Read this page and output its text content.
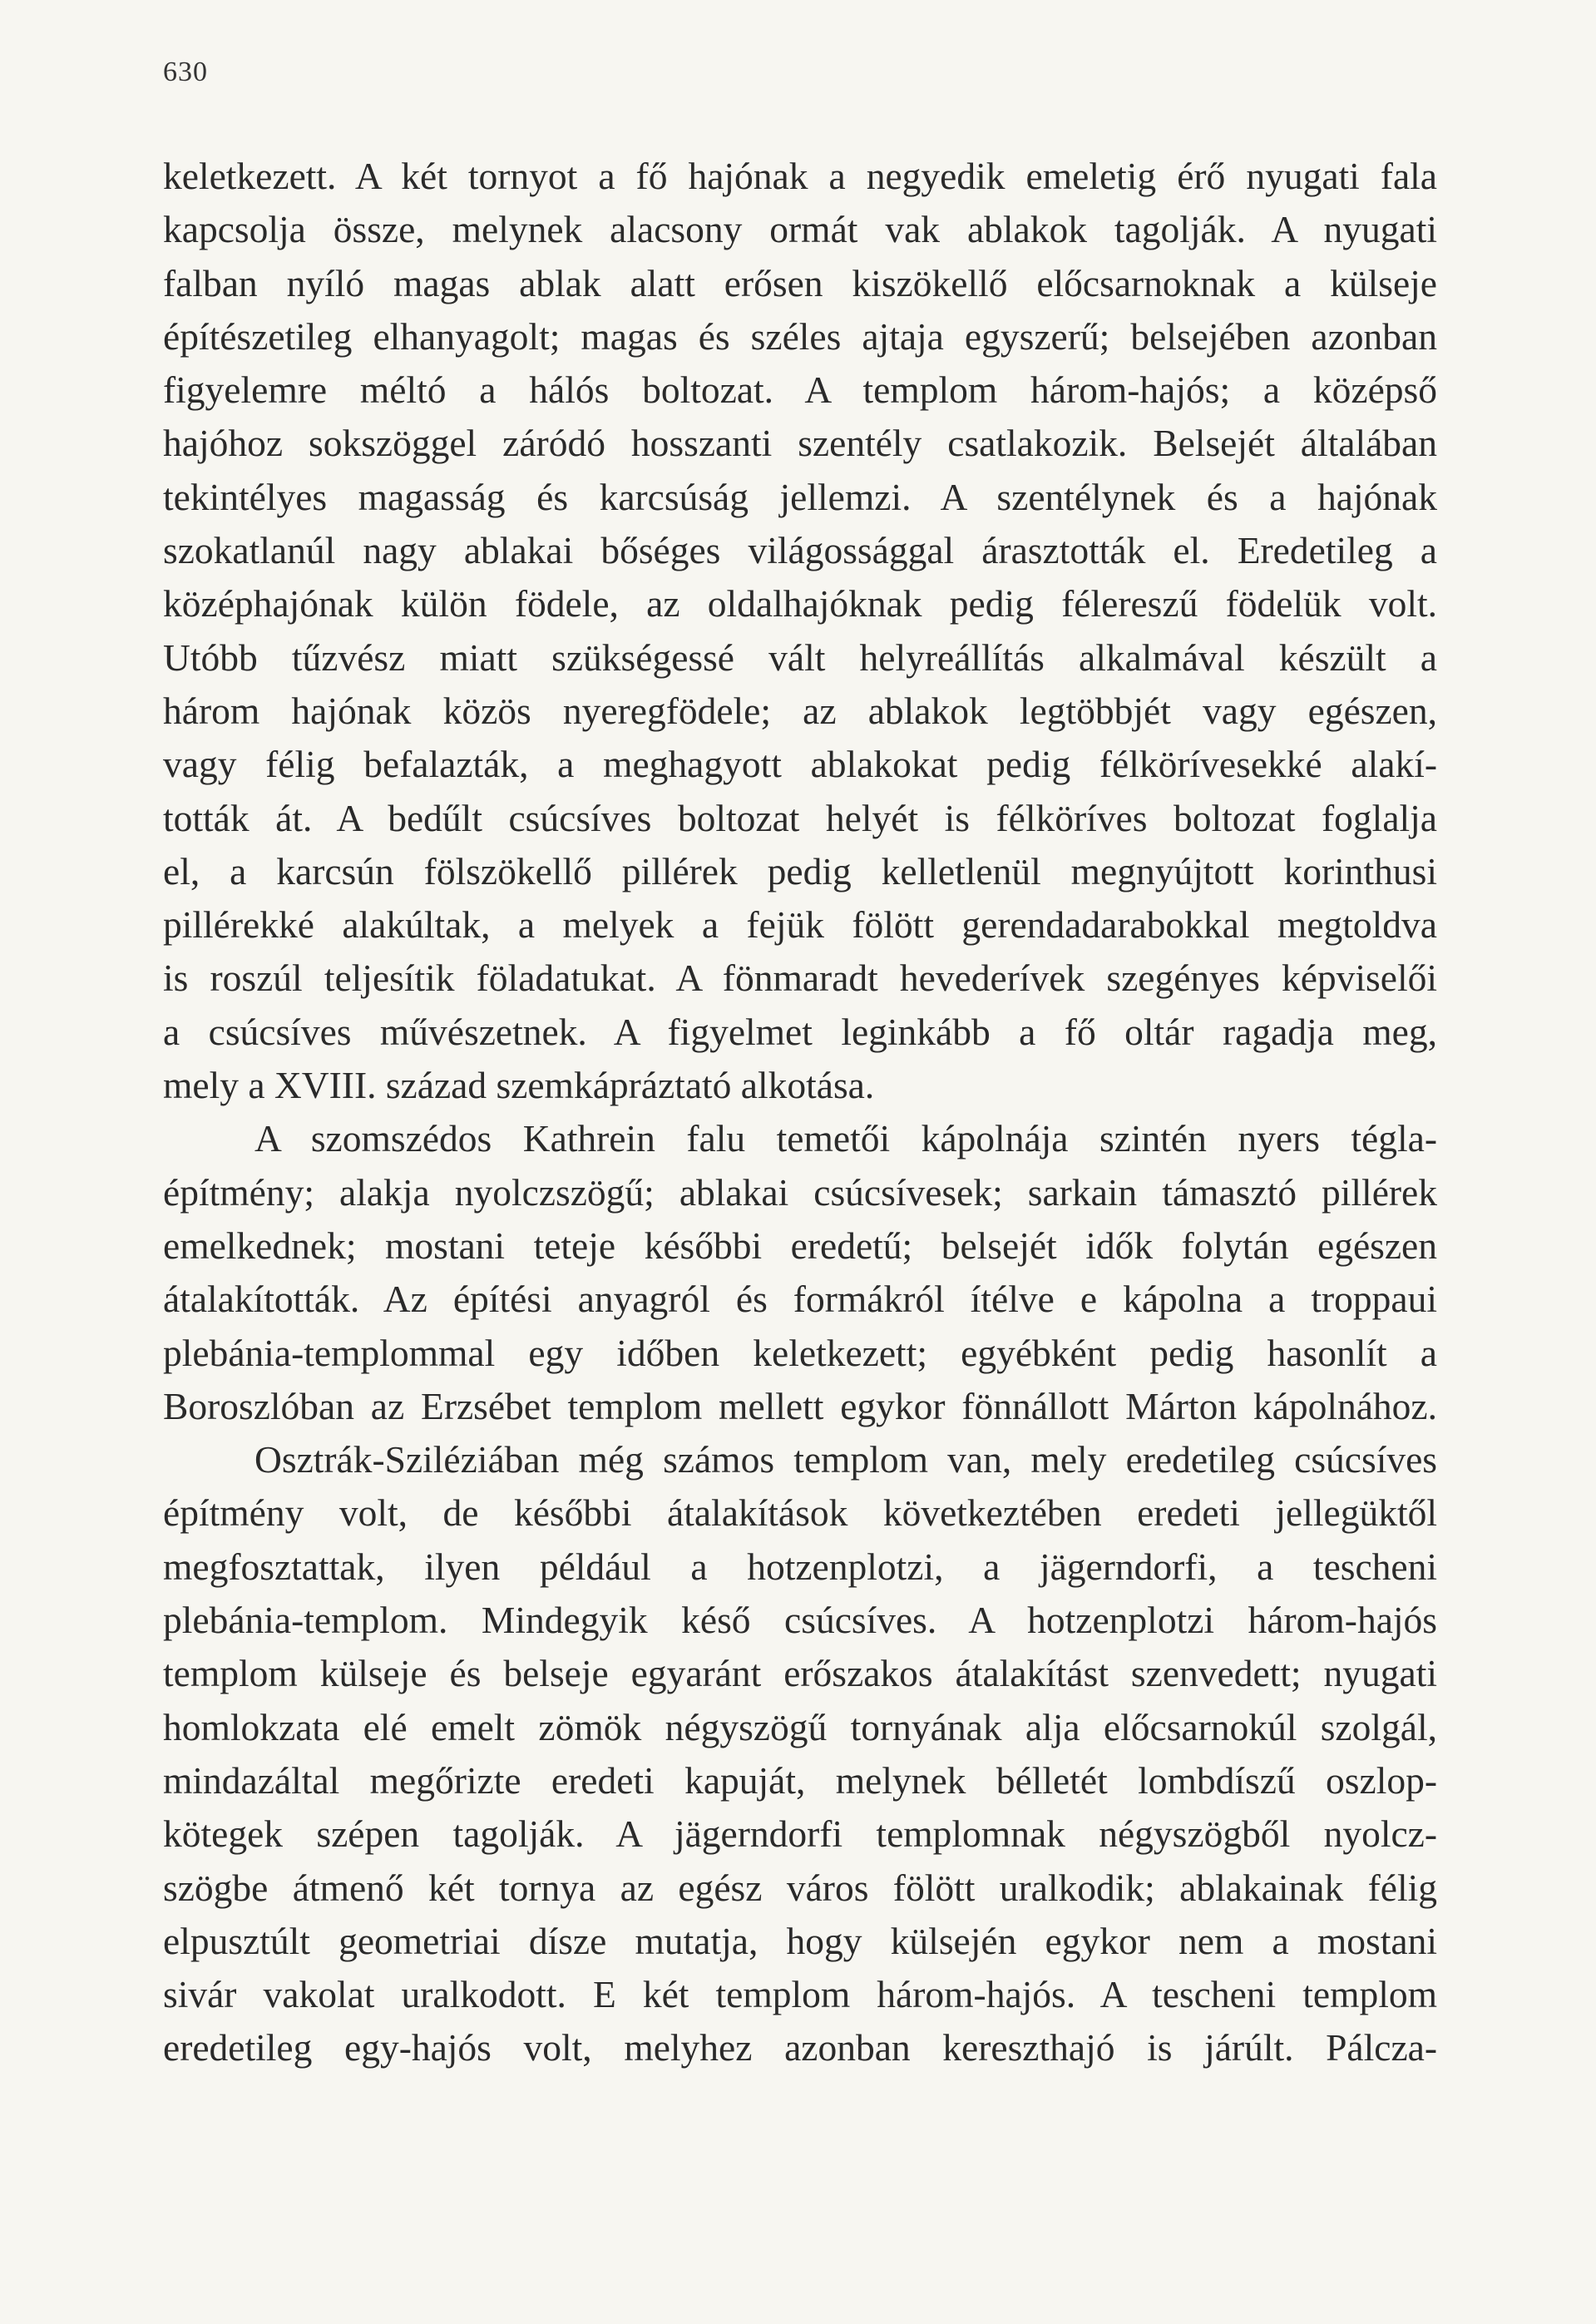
630
keletkezett. A két tornyot a fő hajónak a negyedik emeletig érő nyugati fala
kapcsolja össze, melynek alacsony ormát vak ablakok tagolják. A nyugati
falban nyíló magas ablak alatt erősen kiszökellő előcsarnoknak a külseje
építészetileg elhanyagolt; magas és széles ajtaja egyszerű; belsejében azonban
figyelemre méltó a hálós boltozat. A templom három-hajós; a középső
hajóhoz sokszöggel záródó hosszanti szentély csatlakozik. Belsejét általában
tekintélyes magasság és karcsúság jellemzi. A szentélynek és a hajónak
szokatlanúl nagy ablakai bőséges világossággal árasztották el. Eredetileg a
középhajónak külön födele, az oldalhajóknak pedig félereszű födelük volt.
Utóbb tűzvész miatt szükségessé vált helyreállítás alkalmával készült a
három hajónak közös nyeregfödele; az ablakok legtöbbjét vagy egészen,
vagy félig befalazták, a meghagyott ablakokat pedig félkörívesekké alakí-
tották át. A bedűlt csúcsíves boltozat helyét is félköríves boltozat foglalja
el, a karcsún fölszökellő pillérek pedig kelletlenül megnyújtott korinthusi
pillérekké alakúltak, a melyek a fejük fölött gerendadarabokkal megtoldva
is roszúl teljesítik föladatukat. A fönmaradt hevederívek szegényes képviselői
a csúcsíves művészetnek. A figyelmet leginkább a fő oltár ragadja meg,
mely a XVIII. század szemkápráztató alkotása.
A szomszédos Kathrein falu temetői kápolnája szintén nyers tégla-
építmény; alakja nyolczszögű; ablakai csúcsívesek; sarkain támasztó pillérek
emelkednek; mostani teteje későbbi eredetű; belsejét idők folytán egészen
átalakították. Az építési anyagról és formákról ítélve e kápolna a troppaui
plebánia-templommal egy időben keletkezett; egyébként pedig hasonlít a
Boroszlóban az Erzsébet templom mellett egykor fönnállott Márton kápolnához.
Osztrák-Sziléziában még számos templom van, mely eredetileg csúcsíves
építmény volt, de későbbi átalakítások következtében eredeti jellegüktől
megfosztattak, ilyen például a hotzenplotzi, a jägerndorfi, a tescheni
plebánia-templom. Mindegyik késő csúcsíves. A hotzenplotzi három-hajós
templom külseje és belseje egyaránt erőszakos átalakítást szenvedett; nyugati
homlokzata elé emelt zömök négyszögű tornyának alja előcsarnokúl szolgál,
mindazáltal megőrizte eredeti kapuját, melynek bélletét lombdíszű oszlop-
kötegek szépen tagolják. A jägerndorfi templomnak négyszögből nyolcz-
szögbe átmenő két tornya az egész város fölött uralkodik; ablakainak félig
elpusztúlt geometriai dísze mutatja, hogy külsején egykor nem a mostani
sivár vakolat uralkodott. E két templom három-hajós. A tescheni templom
eredetileg egy-hajós volt, melyhez azonban kereszthajó is járúlt. Pálcza-
